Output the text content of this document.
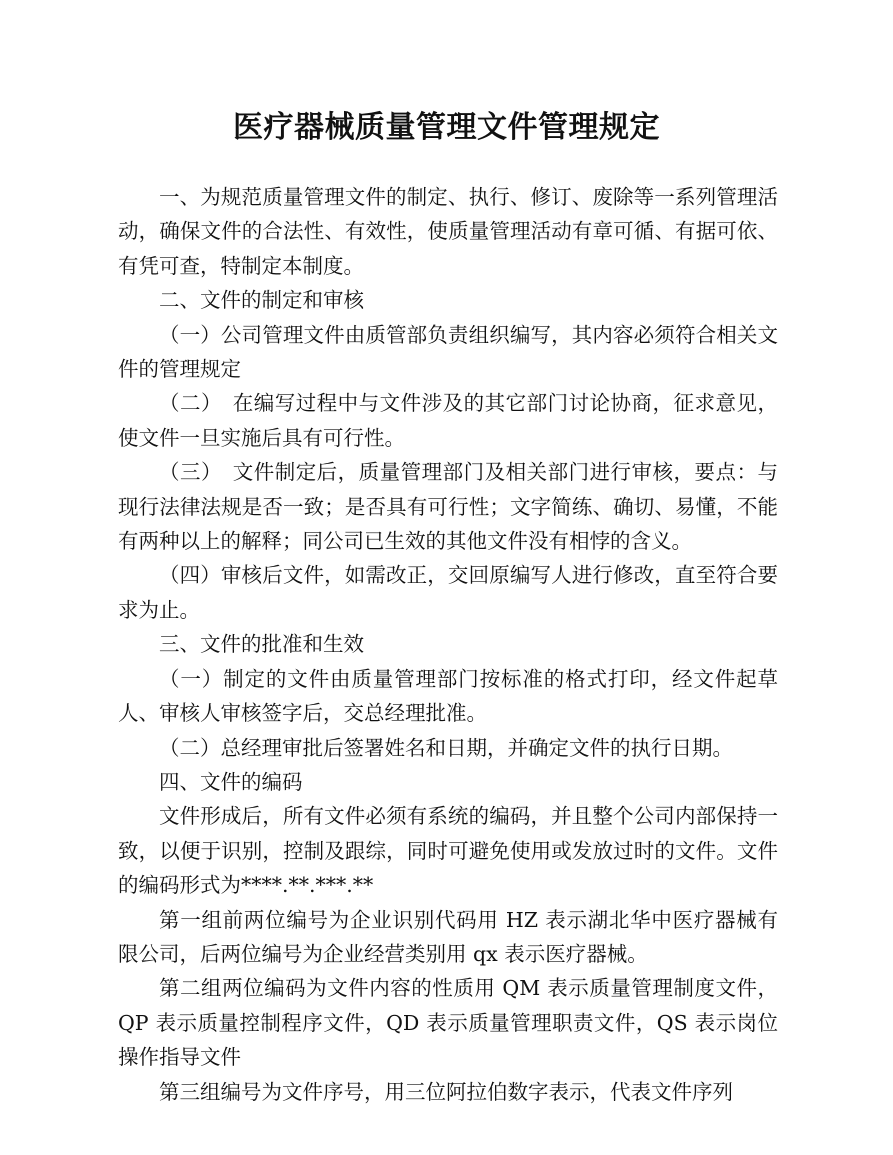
医疗器械质量管理文件管理规定

一、为规范质量管理文件的制定、执行、修订、废除等一系列管理活动，确保文件的合法性、有效性，使质量管理活动有章可循、有据可依、有凭可查，特制定本制度。

二、文件的制定和审核

（一）公司管理文件由质管部负责组织编写，其内容必须符合相关文件的管理规定

（二）　在编写过程中与文件涉及的其它部门讨论协商，征求意见，使文件一旦实施后具有可行性。

（三）　文件制定后，质量管理部门及相关部门进行审核，要点：与现行法律法规是否一致；是否具有可行性；文字简练、确切、易懂，不能有两种以上的解释；同公司已生效的其他文件没有相悖的含义。

（四）审核后文件，如需改正，交回原编写人进行修改，直至符合要求为止。

三、文件的批准和生效

（一）制定的文件由质量管理部门按标准的格式打印，经文件起草人、审核人审核签字后，交总经理批准。

（二）总经理审批后签署姓名和日期，并确定文件的执行日期。

四、文件的编码

文件形成后，所有文件必须有系统的编码，并且整个公司内部保持一致，以便于识别，控制及跟综，同时可避免使用或发放过时的文件。文件的编码形式为****.**.***.**

第一组前两位编号为企业识别代码用 HZ 表示湖北华中医疗器械有限公司，后两位编号为企业经营类别用 qx 表示医疗器械。

第二组两位编码为文件内容的性质用 QM 表示质量管理制度文件，QP 表示质量控制程序文件，QD 表示质量管理职责文件，QS 表示岗位操作指导文件

第三组编号为文件序号，用三位阿拉伯数字表示，代表文件序列
